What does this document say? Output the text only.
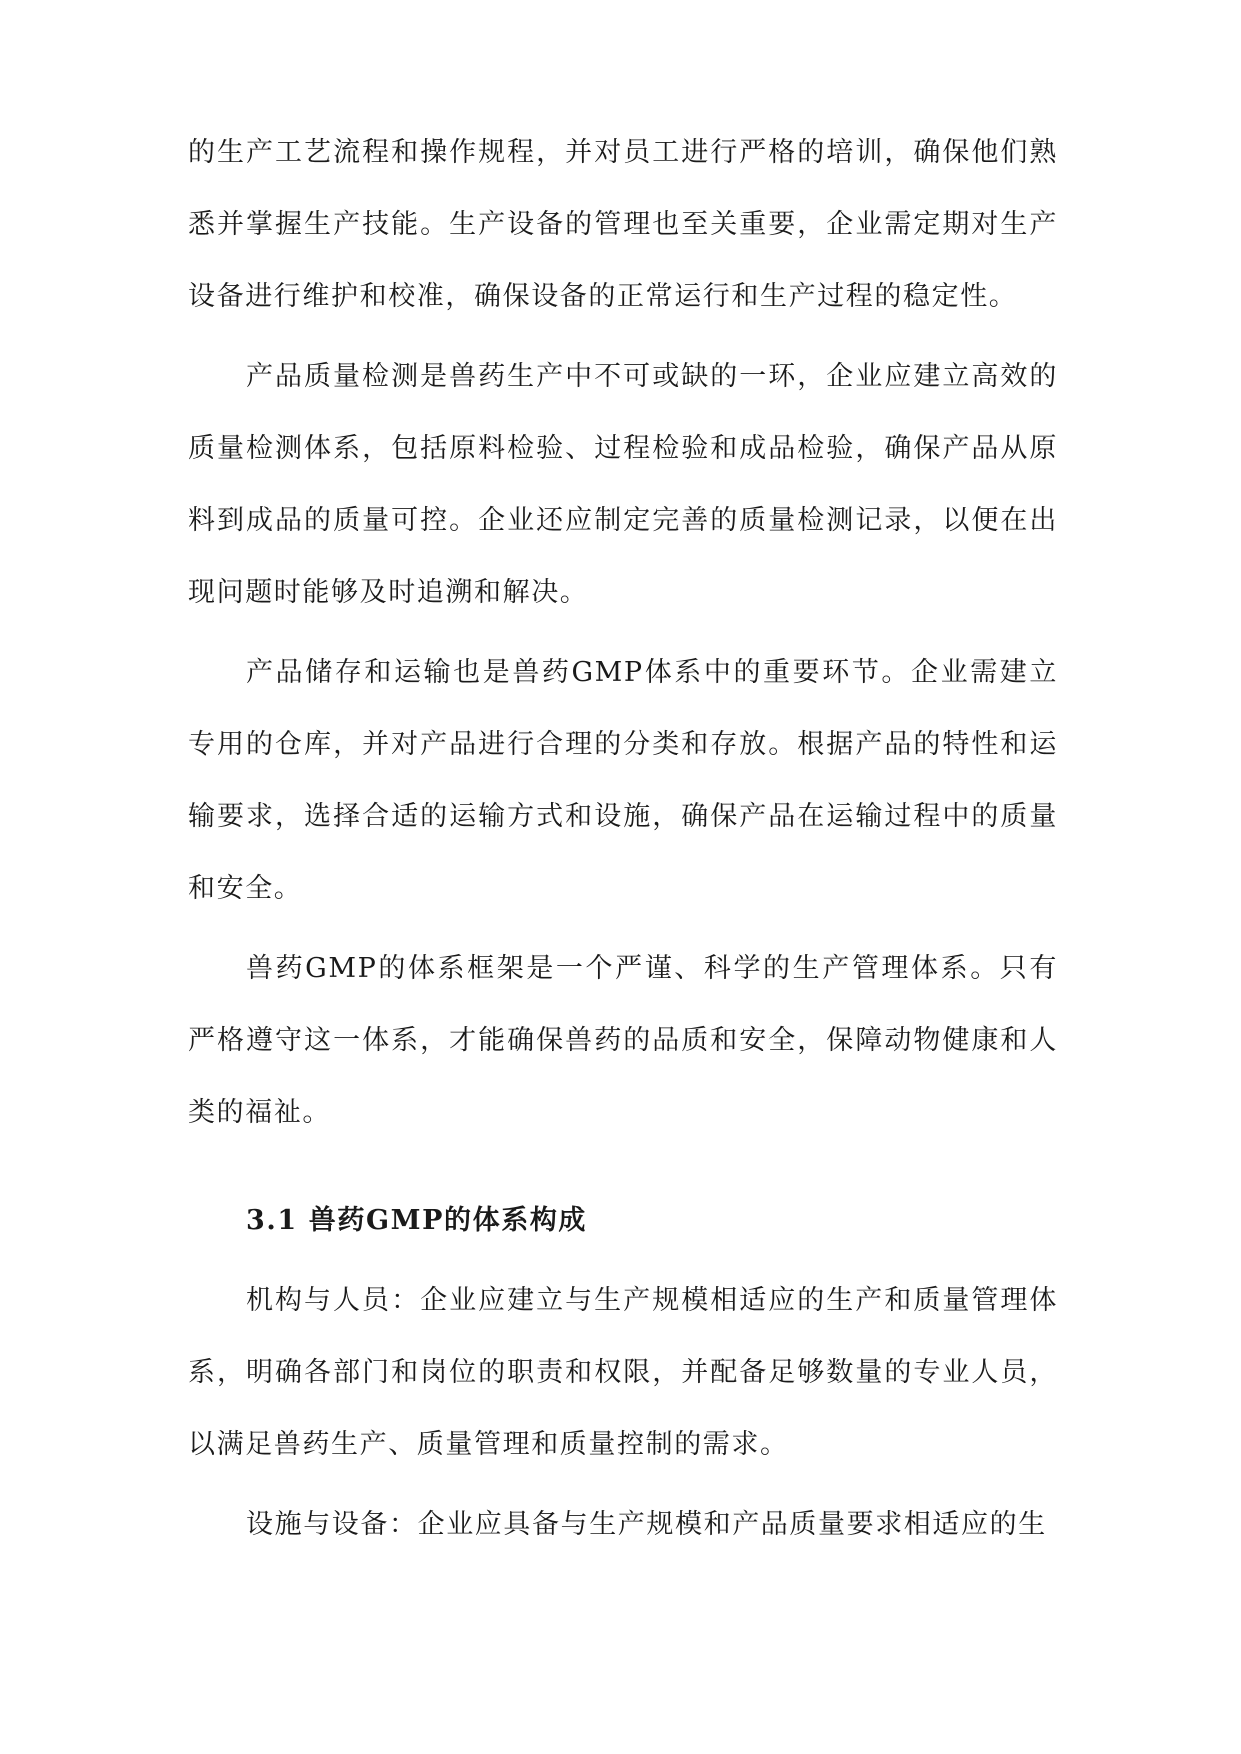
的生产工艺流程和操作规程，并对员工进行严格的培训，确保他们熟悉并掌握生产技能。生产设备的管理也至关重要，企业需定期对生产设备进行维护和校准，确保设备的正常运行和生产过程的稳定性。

产品质量检测是兽药生产中不可或缺的一环，企业应建立高效的质量检测体系，包括原料检验、过程检验和成品检验，确保产品从原料到成品的质量可控。企业还应制定完善的质量检测记录，以便在出现问题时能够及时追溯和解决。

产品储存和运输也是兽药GMP体系中的重要环节。企业需建立专用的仓库，并对产品进行合理的分类和存放。根据产品的特性和运输要求，选择合适的运输方式和设施，确保产品在运输过程中的质量和安全。

兽药GMP的体系框架是一个严谨、科学的生产管理体系。只有严格遵守这一体系，才能确保兽药的品质和安全，保障动物健康和人类的福祉。

3.1 兽药GMP的体系构成

机构与人员：企业应建立与生产规模相适应的生产和质量管理体系，明确各部门和岗位的职责和权限，并配备足够数量的专业人员，以满足兽药生产、质量管理和质量控制的需求。

设施与设备：企业应具备与生产规模和产品质量要求相适应的生
